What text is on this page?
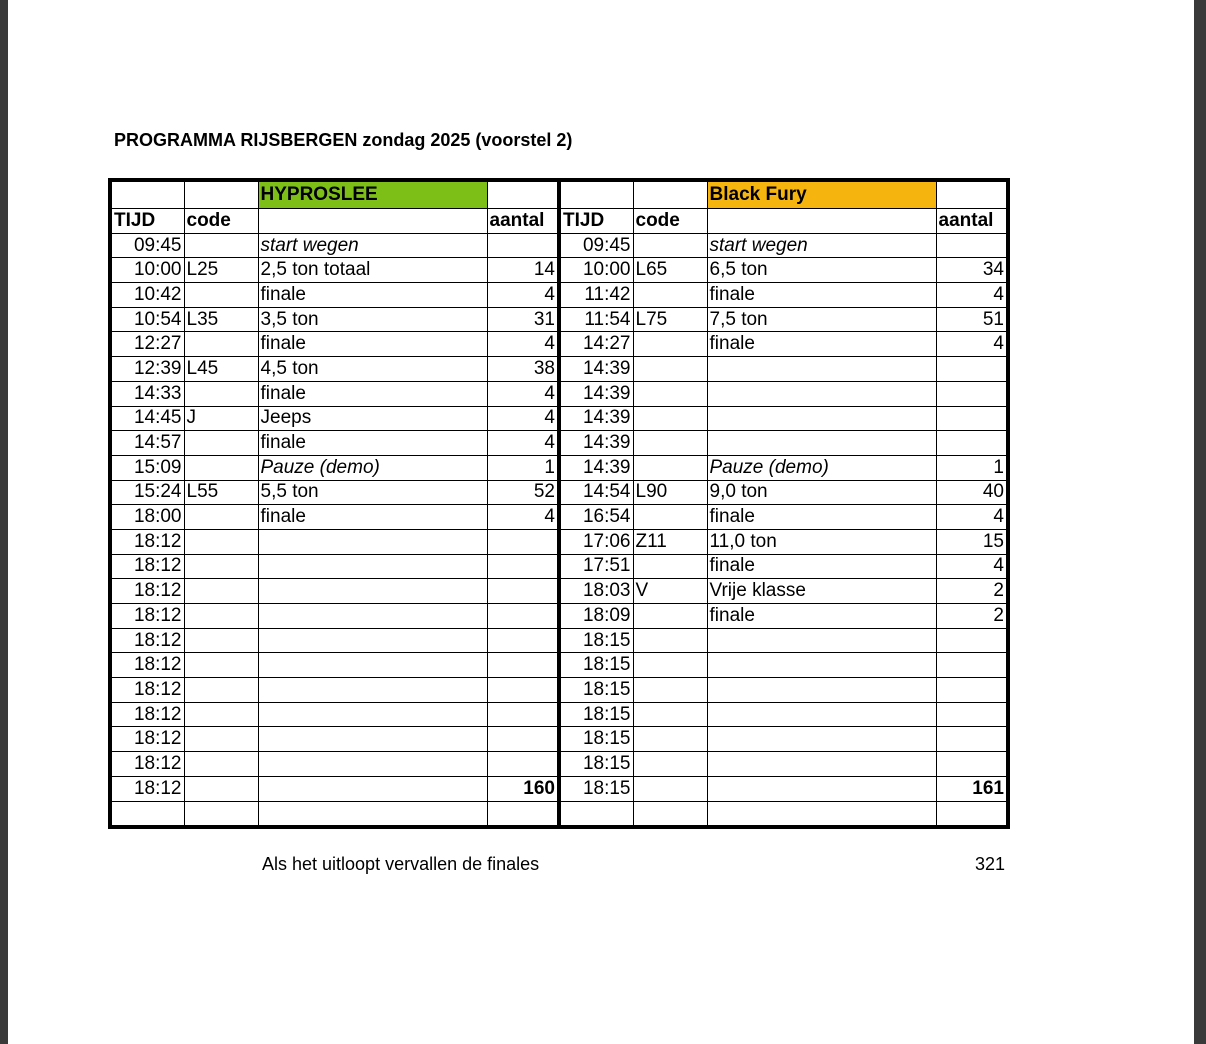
PROGRAMMA RIJSBERGEN zondag 2025 (voorstel 2)
		HYPROSLEE				Black Fury	
TIJD	code		aantal	TIJD	code		aantal
09:45		start wegen		09:45		start wegen	
10:00	L25	2,5 ton totaal	14	10:00	L65	6,5 ton	34
10:42		finale	4	11:42		finale	4
10:54	L35	3,5 ton	31	11:54	L75	7,5 ton	51
12:27		finale	4	14:27		finale	4
12:39	L45	4,5 ton	38	14:39			
14:33		finale	4	14:39			
14:45	J	Jeeps	4	14:39			
14:57		finale	4	14:39			
15:09		Pauze (demo)	1	14:39		Pauze (demo)	1
15:24	L55	5,5 ton	52	14:54	L90	9,0 ton	40
18:00		finale	4	16:54		finale	4
18:12				17:06	Z11	11,0 ton	15
18:12				17:51		finale	4
18:12				18:03	V	Vrije klasse	2
18:12				18:09		finale	2
18:12				18:15			
18:12				18:15			
18:12				18:15			
18:12				18:15			
18:12				18:15			
18:12				18:15			
18:12			160	18:15			161

Als het uitloopt vervallen de finales	321
